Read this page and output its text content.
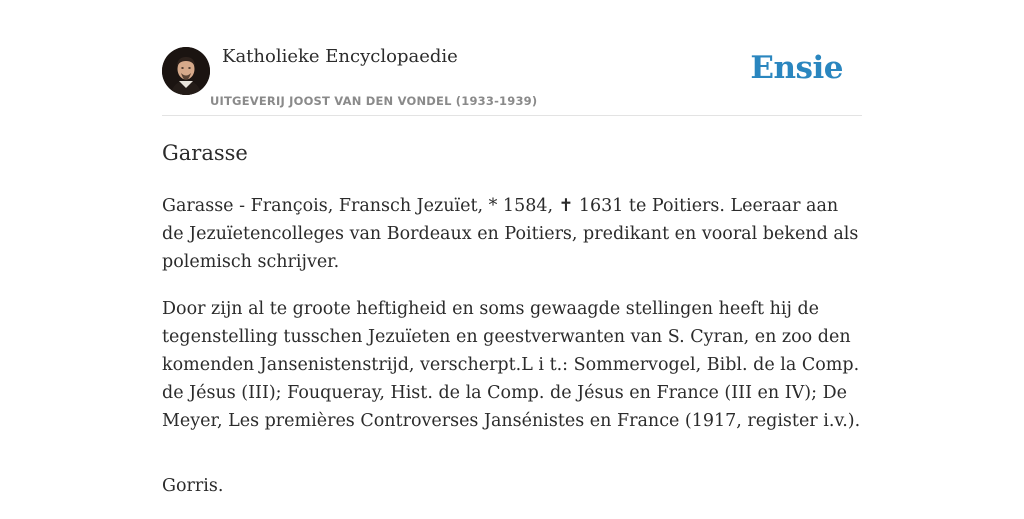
Katholieke Encyclopaedie
UITGEVERIJ JOOST VAN DEN VONDEL (1933-1939)
Ensie
Garasse

Garasse - François, Fransch Jezuïet, * 1584, ✝ 1631 te Poitiers. Leeraar aan de Jezuïetencolleges van Bordeaux en Poitiers, predikant en vooral bekend als polemisch schrijver.

Door zijn al te groote heftigheid en soms gewaagde stellingen heeft hij de tegenstelling tusschen Jezuïeten en geestverwanten van S. Cyran, en zoo den komenden Jansenistenstrijd, verscherpt.L i t.: Sommervogel, Bibl. de la Comp. de Jésus (III); Fouqueray, Hist. de la Comp. de Jésus en France (III en IV); De Meyer, Les premières Controverses Jansénistes en France (1917, register i.v.).

Gorris.
